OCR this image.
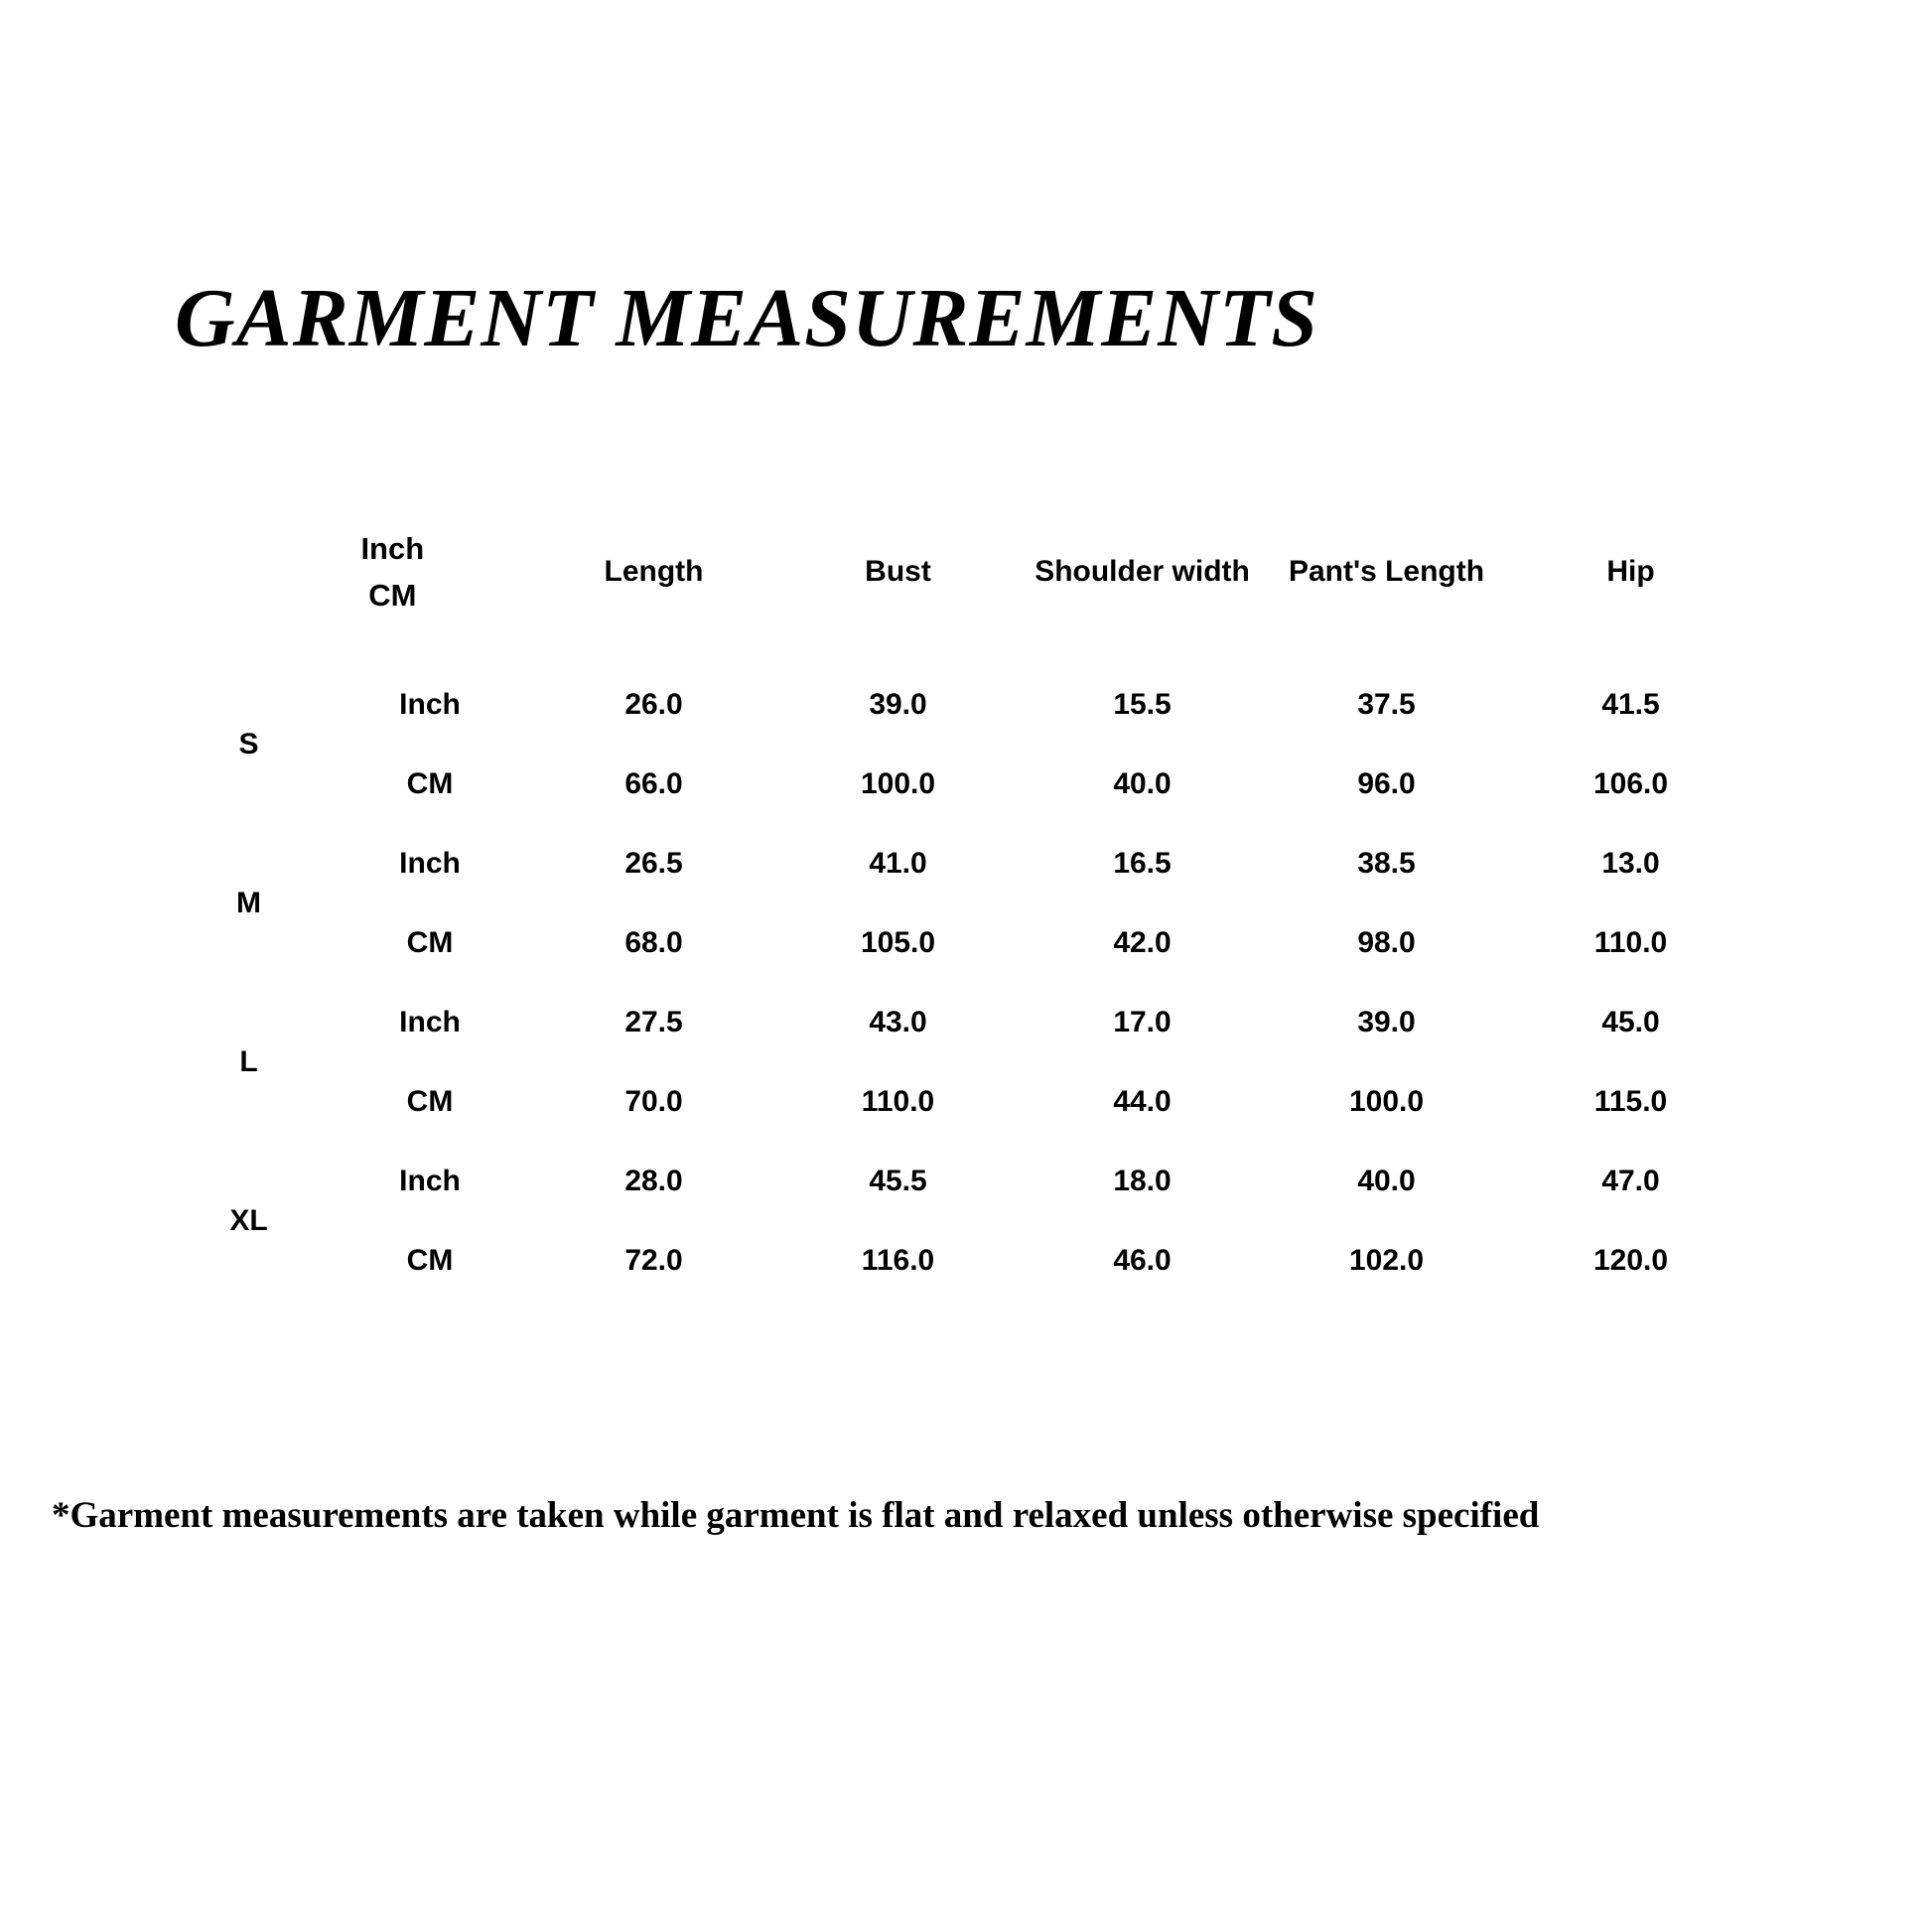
GARMENT MEASUREMENTS
Unit:
Inch
CM		Length	Bust	Shoulder width	Pant's Length	Hip
S	Inch	26.0	39.0	15.5	37.5	41.5
	CM	66.0	100.0	40.0	96.0	106.0
M	Inch	26.5	41.0	16.5	38.5	13.0
	CM	68.0	105.0	42.0	98.0	110.0
L	Inch	27.5	43.0	17.0	39.0	45.0
	CM	70.0	110.0	44.0	100.0	115.0
XL	Inch	28.0	45.5	18.0	40.0	47.0
	CM	72.0	116.0	46.0	102.0	120.0
*Garment measurements are taken while garment is flat and relaxed unless otherwise specified
